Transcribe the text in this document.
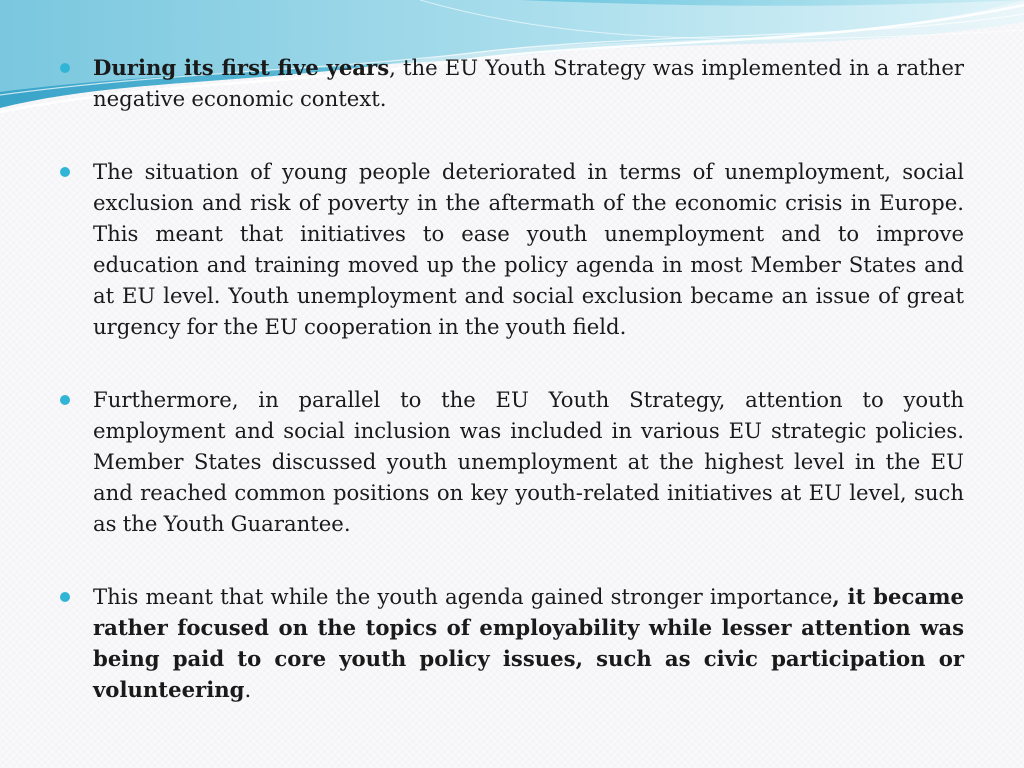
During its first five years, the EU Youth Strategy was implemented in a rather negative economic context.
The situation of young people deteriorated in terms of unemployment, social exclusion and risk of poverty in the aftermath of the economic crisis in Europe. This meant that initiatives to ease youth unemployment and to improve education and training moved up the policy agenda in most Member States and at EU level. Youth unemployment and social exclusion became an issue of great urgency for the EU cooperation in the youth field.
Furthermore, in parallel to the EU Youth Strategy, attention to youth employment and social inclusion was included in various EU strategic policies. Member States discussed youth unemployment at the highest level in the EU and reached common positions on key youth-related initiatives at EU level, such as the Youth Guarantee.
This meant that while the youth agenda gained stronger importance, it became rather focused on the topics of employability while lesser attention was being paid to core youth policy issues, such as civic participation or volunteering.
